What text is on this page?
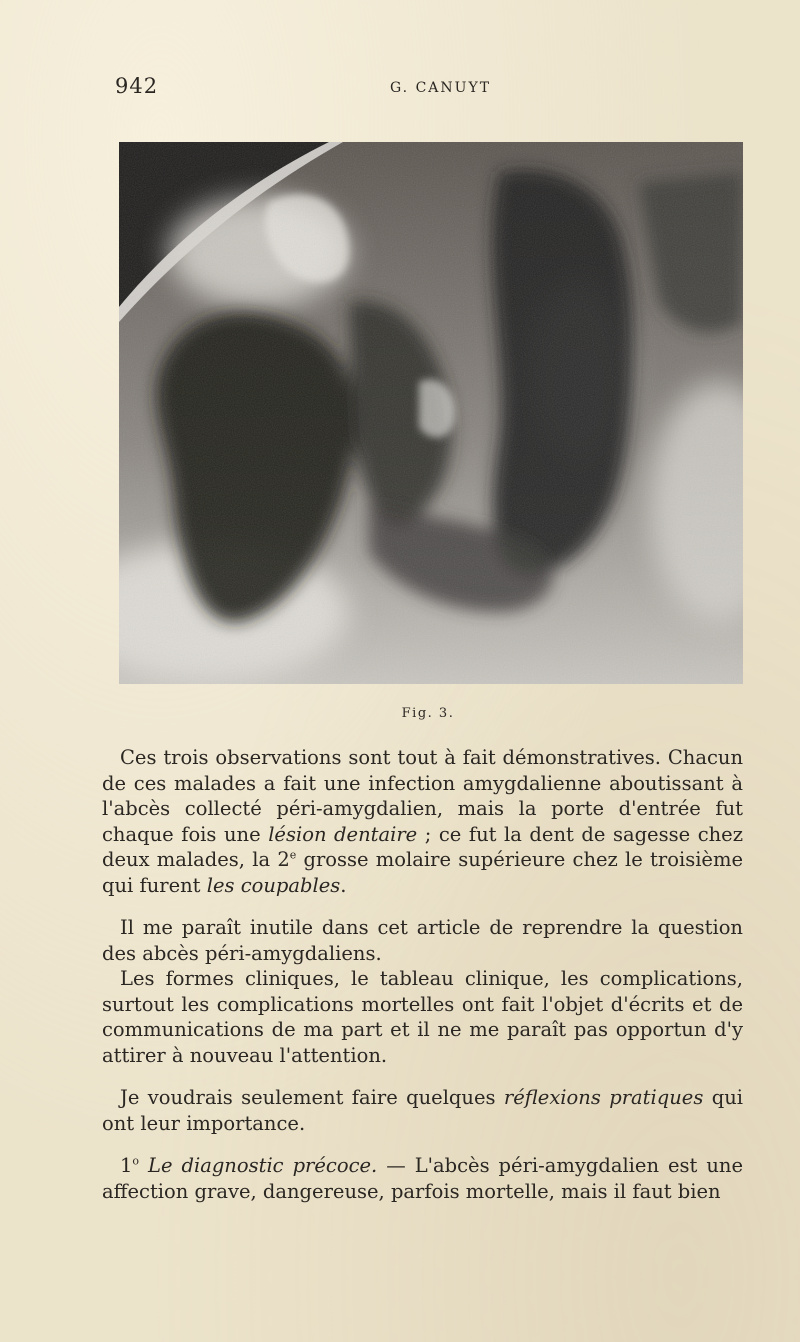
942	G. CANUYT
Fig. 3.

Ces trois observations sont tout à fait démonstratives. Chacun de ces malades a fait une infection amygdalienne aboutissant à l'abcès collecté péri-amygdalien, mais la porte d'entrée fut chaque fois une lésion dentaire ; ce fut la dent de sagesse chez deux malades, la 2e grosse molaire supérieure chez le troisième qui furent les coupables.

Il me paraît inutile dans cet article de reprendre la question des abcès péri-amygdaliens.

Les formes cliniques, le tableau clinique, les complications, surtout les complications mortelles ont fait l'objet d'écrits et de communications de ma part et il ne me paraît pas opportun d'y attirer à nouveau l'attention.

Je voudrais seulement faire quelques réflexions pratiques qui ont leur importance.

1$^o$ Le diagnostic précoce. — L'abcès péri-amygdalien est une affection grave, dangereuse, parfois mortelle, mais il faut bien
